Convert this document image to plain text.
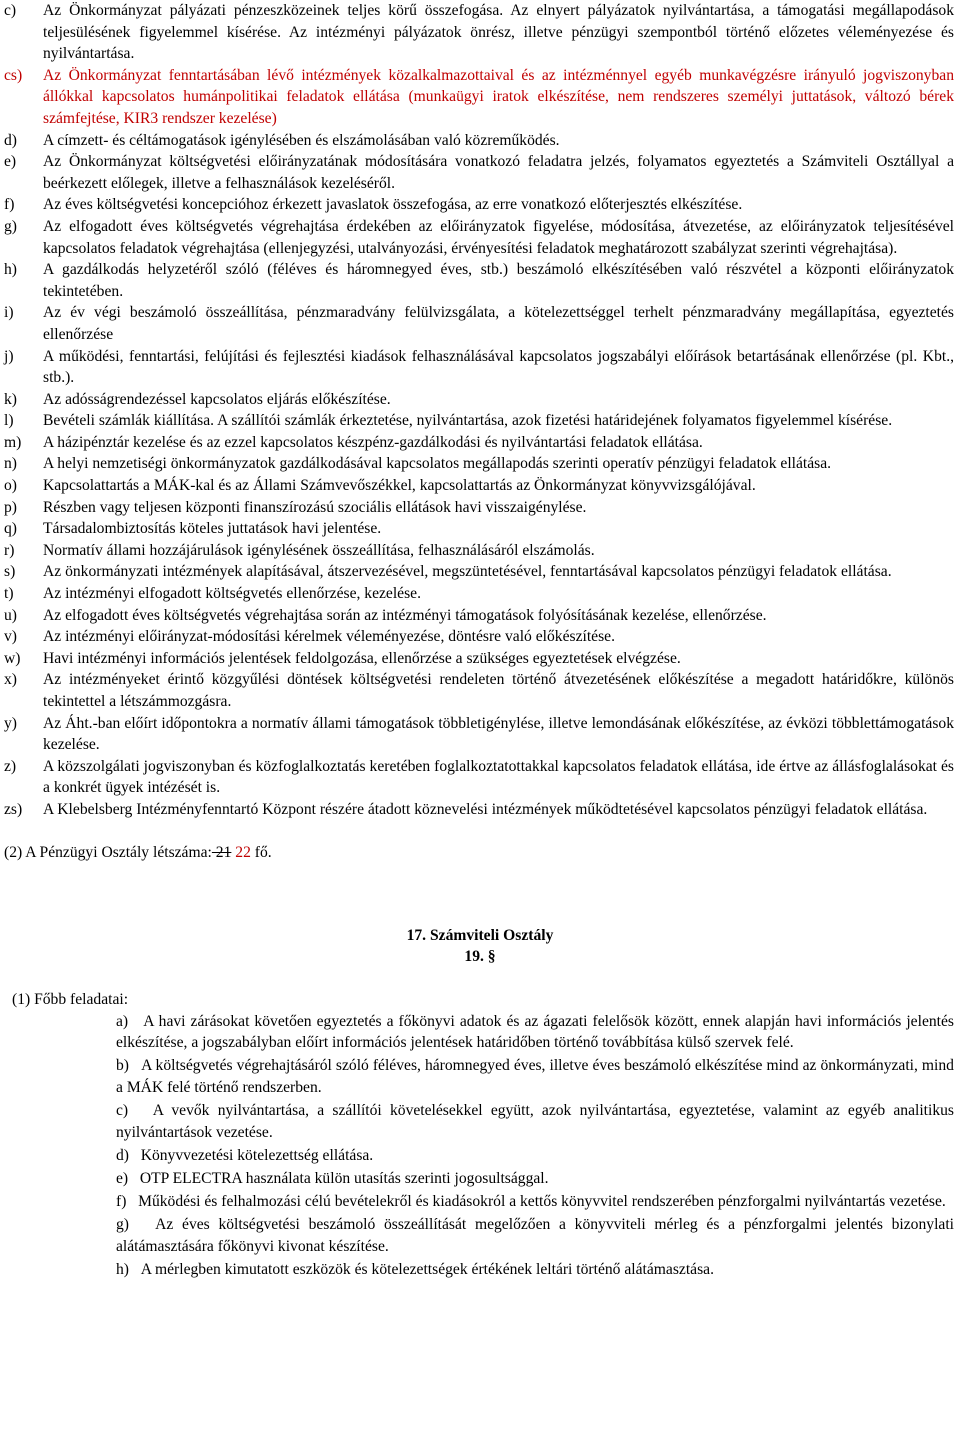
c) Az Önkormányzat pályázati pénzeszközeinek teljes körű összefogása. Az elnyert pályázatok nyilvántartása, a támogatási megállapodások teljesülésének figyelemmel kísérése. Az intézményi pályázatok önrész, illetve pénzügyi szempontból történő előzetes véleményezése és nyilvántartása.
cs) Az Önkormányzat fenntartásában lévő intézmények közalkalmazottaival és az intézménnyel egyéb munkavégzésre irányuló jogviszonyban állókkal kapcsolatos humánpolitikai feladatok ellátása (munkaügyi iratok elkészítése, nem rendszeres személyi juttatások, változó bérek számfejtése, KIR3 rendszer kezelése)
d) A címzett- és céltámogatások igénylésében és elszámolásában való közreműködés.
e) Az Önkormányzat költségvetési előirányzatának módosítására vonatkozó feladatra jelzés, folyamatos egyeztetés a Számviteli Osztállyal a beérkezett előlegek, illetve a felhasználások kezeléséről.
f) Az éves költségvetési koncepcióhoz érkezett javaslatok összefogása, az erre vonatkozó előterjesztés elkészítése.
g) Az elfogadott éves költségvetés végrehajtása érdekében az előirányzatok figyelése, módosítása, átvezetése, az előirányzatok teljesítésével kapcsolatos feladatok végrehajtása (ellenjegyzési, utalványozási, érvényesítési feladatok meghatározott szabályzat szerinti végrehajtása).
h) A gazdálkodás helyzetéről szóló (féléves és háromnegyed éves, stb.) beszámoló elkészítésében való részvétel a központi előirányzatok tekintetében.
i) Az év végi beszámoló összeállítása, pénzmaradvány felülvizsgálata, a kötelezettséggel terhelt pénzmaradvány megállapítása, egyeztetés ellenőrzése
j) A működési, fenntartási, felújítási és fejlesztési kiadások felhasználásával kapcsolatos jogszabályi előírások betartásának ellenőrzése (pl. Kbt., stb.).
k) Az adósságrendezéssel kapcsolatos eljárás előkészítése.
l) Bevételi számlák kiállítása. A szállítói számlák érkeztetése, nyilvántartása, azok fizetési határidejének folyamatos figyelemmel kísérése.
m) A házipénztár kezelése és az ezzel kapcsolatos készpénz-gazdálkodási és nyilvántartási feladatok ellátása.
n) A helyi nemzetiségi önkormányzatok gazdálkodásával kapcsolatos megállapodás szerinti operatív pénzügyi feladatok ellátása.
o) Kapcsolattartás a MÁK-kal és az Állami Számvevőszékkel, kapcsolattartás az Önkormányzat könyvvizsgálójával.
p) Részben vagy teljesen központi finanszírozású szociális ellátások havi visszaigénylése.
q) Társadalombiztosítás köteles juttatások havi jelentése.
r) Normatív állami hozzájárulások igénylésének összeállítása, felhasználásáról elszámolás.
s) Az önkormányzati intézmények alapításával, átszervezésével, megszüntetésével, fenntartásával kapcsolatos pénzügyi feladatok ellátása.
t) Az intézményi elfogadott költségvetés ellenőrzése, kezelése.
u) Az elfogadott éves költségvetés végrehajtása során az intézményi támogatások folyósításának kezelése, ellenőrzése.
v) Az intézményi előirányzat-módosítási kérelmek véleményezése, döntésre való előkészítése.
w) Havi intézményi információs jelentések feldolgozása, ellenőrzése a szükséges egyeztetések elvégzése.
x) Az intézményeket érintő közgyűlési döntések költségvetési rendeleten történő átvezetésének előkészítése a megadott határidőkre, különös tekintettel a létszámmozgásra.
y) Az Áht.-ban előírt időpontokra a normatív állami támogatások többletigénylése, illetve lemondásának előkészítése, az évközi többlettámogatások kezelése.
z) A közszolgálati jogviszonyban és közfoglalkoztatás keretében foglalkoztatottakkal kapcsolatos feladatok ellátása, ide értve az állásfoglalásokat és a konkrét ügyek intézését is.
zs) A Klebelsberg Intézményfenntartó Központ részére átadott köznevelési intézmények működtetésével kapcsolatos pénzügyi feladatok ellátása.
(2) A Pénzügyi Osztály létszáma: 21 22 fő.
17. Számviteli Osztály
19. §
(1) Főbb feladatai:
a) A havi zárásokat követően egyeztetés a főkönyvi adatok és az ágazati felelősök között, ennek alapján havi információs jelentés elkészítése, a jogszabályban előírt információs jelentések határidőben történő továbbítása külső szervek felé.
b) A költségvetés végrehajtásáról szóló féléves, háromnegyed éves, illetve éves beszámoló elkészítése mind az önkormányzati, mind a MÁK felé történő rendszerben.
c) A vevők nyilvántartása, a szállítói követelésekkel együtt, azok nyilvántartása, egyeztetése, valamint az egyéb analitikus nyilvántartások vezetése.
d) Könyvvezetési kötelezettség ellátása.
e) OTP ELECTRA használata külön utasítás szerinti jogosultsággal.
f) Működési és felhalmozási célú bevételekről és kiadásokról a kettős könyvvitel rendszerében pénzforgalmi nyilvántartás vezetése.
g) Az éves költségvetési beszámoló összeállítását megelőzően a könyvviteli mérleg és a pénzforgalmi jelentés bizonylati alátámasztására főkönyvi kivonat készítése.
h) A mérlegben kimutatott eszközök és kötelezettségek értékének leltári történő alátámasztása.
